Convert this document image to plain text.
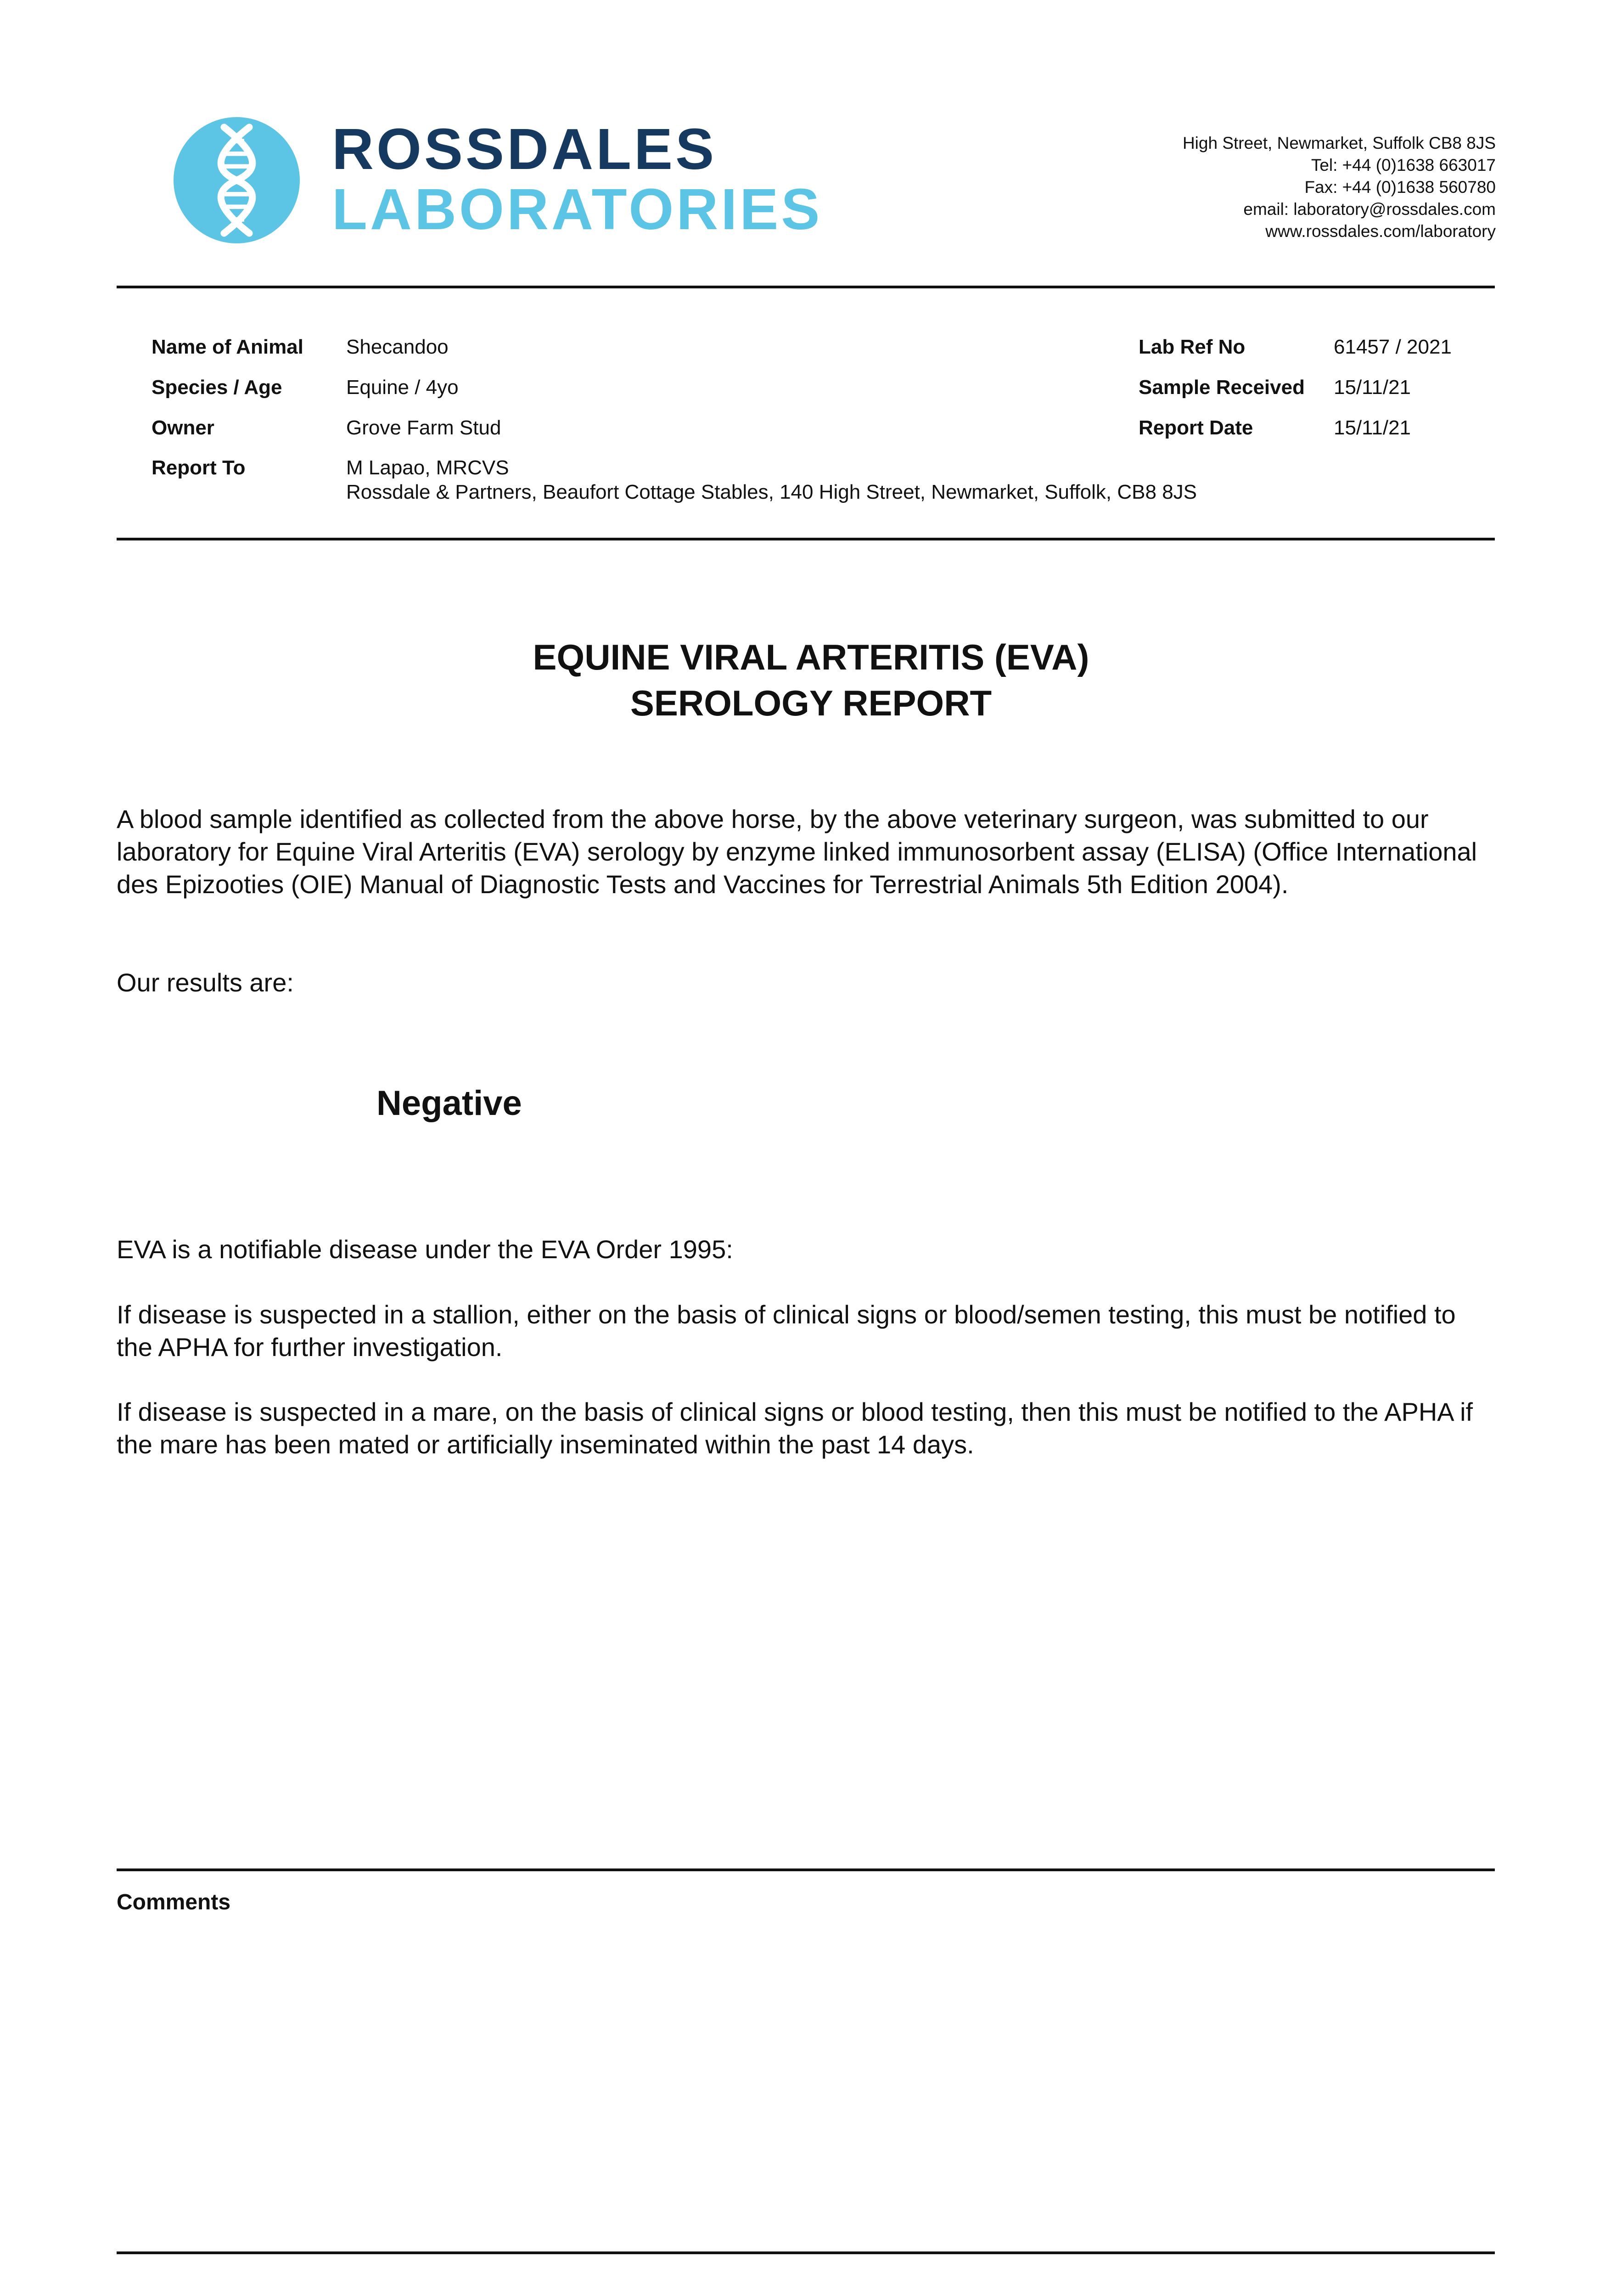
ROSSDALES
LABORATORIES
High Street, Newmarket, Suffolk CB8 8JS
Tel: +44 (0)1638 663017
Fax: +44 (0)1638 560780
email: laboratory@rossdales.com
www.rossdales.com/laboratory
Name of Animal Shecandoo
Species / Age	Equine / 4yo
Owner	Grove Farm Stud
Report To	M Lapao, MRCVS
Rossdale & Partners, Beaufort Cottage Stables, 140 High Street, Newmarket, Suffolk, CB8 8JS
Lab Ref No	61457 / 2021
Sample Received 15/11/21
Report Date	15/11/21
EQUINE VIRAL ARTERITIS (EVA)
SEROLOGY REPORT
A blood sample identified as collected from the above horse, by the above veterinary surgeon, was submitted to our laboratory for Equine Viral Arteritis (EVA) serology by enzyme linked immunosorbent assay (ELISA) (Office International des Epizooties (OIE) Manual of Diagnostic Tests and Vaccines for Terrestrial Animals 5th Edition 2004).
Our results are:
Negative
EVA is a notifiable disease under the EVA Order 1995:
If disease is suspected in a stallion, either on the basis of clinical signs or blood/semen testing, this must be notified to the APHA for further investigation.
If disease is suspected in a mare, on the basis of clinical signs or blood testing, then this must be notified to the APHA if the mare has been mated or artificially inseminated within the past 14 days.
Comments
